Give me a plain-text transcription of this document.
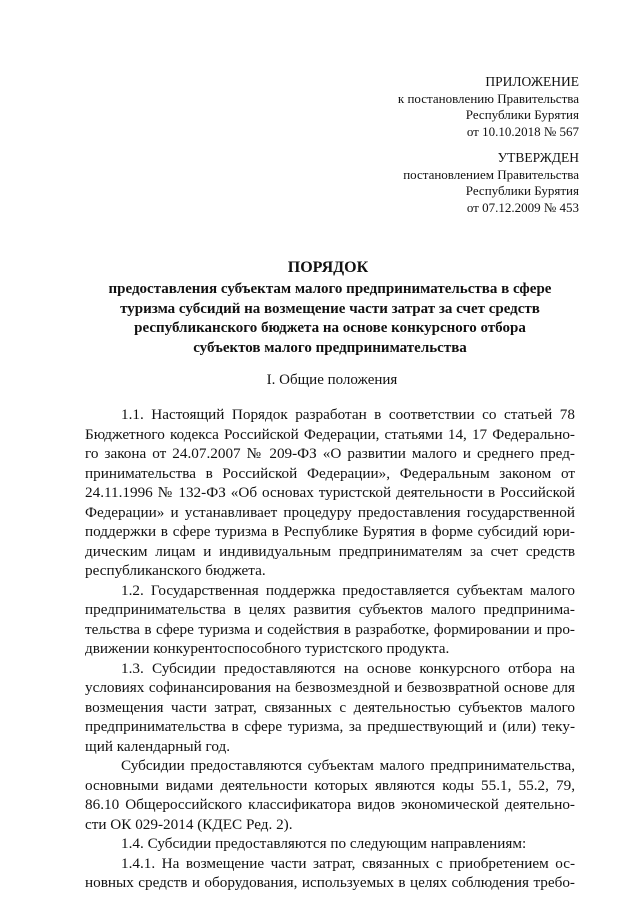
ПРИЛОЖЕНИЕ
к постановлению Правительства
Республики Бурятия
от 10.10.2018 № 567
УТВЕРЖДЕН
постановлением Правительства
Республики Бурятия
от 07.12.2009 № 453
ПОРЯДОК
предоставления субъектам малого предпринимательства в сфере
туризма субсидий на возмещение части затрат за счет средств
республиканского бюджета на основе конкурсного отбора
субъектов малого предпринимательства
I. Общие положения

1.1. Настоящий Порядок разработан в соответствии со статьей 78
Бюджетного кодекса Российской Федерации, статьями 14, 17 Федерально-
го закона от 24.07.2007 № 209-ФЗ «О развитии малого и среднего пред-
принимательства в Российской Федерации», Федеральным законом от
24.11.1996 № 132-ФЗ «Об основах туристской деятельности в Российской
Федерации» и устанавливает процедуру предоставления государственной
поддержки в сфере туризма в Республике Бурятия в форме субсидий юри-
дическим лицам и индивидуальным предпринимателям за счет средств
республиканского бюджета.

1.2. Государственная поддержка предоставляется субъектам малого
предпринимательства в целях развития субъектов малого предпринима-
тельства в сфере туризма и содействия в разработке, формировании и про-
движении конкурентоспособного туристского продукта.

1.3. Субсидии предоставляются на основе конкурсного отбора на
условиях софинансирования на безвозмездной и безвозвратной основе для
возмещения части затрат, связанных с деятельностью субъектов малого
предпринимательства в сфере туризма, за предшествующий и (или) теку-
щий календарный год.

Субсидии предоставляются субъектам малого предпринимательства,
основными видами деятельности которых являются коды 55.1, 55.2, 79,
86.10 Общероссийского классификатора видов экономической деятельно-
сти ОК 029-2014 (КДЕС Ред. 2).

1.4. Субсидии предоставляются по следующим направлениям:

1.4.1. На возмещение части затрат, связанных с приобретением ос-
новных средств и оборудования, используемых в целях соблюдения требо-
